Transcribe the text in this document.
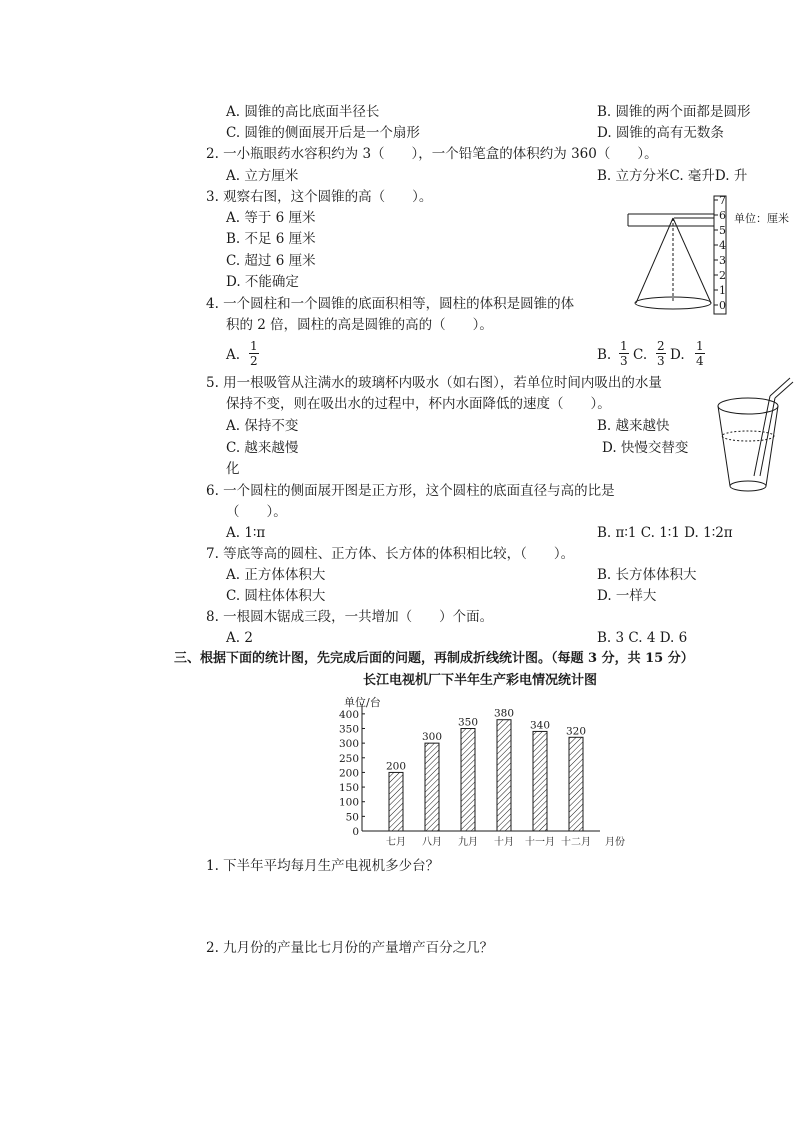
A. 圆锥的高比底面半径长	B. 圆锥的两个面都是圆形
C. 圆锥的侧面展开后是一个扇形	D. 圆锥的高有无数条
2. 一小瓶眼药水容积约为 3（　　），一个铅笔盒的体积约为 360（　　）。
A. 立方厘米	B. 立方分米C. 毫升D. 升
3. 观察右图，这个圆锥的高（　　）。
A. 等于 6 厘米
B. 不足 6 厘米
C. 超过 6 厘米
D. 不能确定
0
1
2
3
4
5
6
7
单位：厘米
4. 一个圆柱和一个圆锥的底面积相等，圆柱的体积是圆锥的体
积的 2 倍，圆柱的高是圆锥的高的（　　）。
A. $\frac{1}{2}$	B. $\frac{1}{3} C$. $\frac{2}{3} D$. $\frac{1}{4}$
5. 用一根吸管从注满水的玻璃杯内吸水（如右图），若单位时间内吸出的水量
保持不变，则在吸出水的过程中，杯内水面降低的速度（　　）。
A. 保持不变	B. 越来越快
C. 越来越慢	D. 快慢交替变
化
6. 一个圆柱的侧面展开图是正方形，这个圆柱的底面直径与高的比是
（　　）。
A. 1∶π	B. π∶1 C. 1∶1 D. 1∶2π
7. 等底等高的圆柱、正方体、长方体的体积相比较，（　　）。
A. 正方体体积大	B. 长方体体积大
C. 圆柱体体积大	D. 一样大
8. 一根圆木锯成三段，一共增加（　　）个面。
A. 2	B. 3 C. 4 D. 6
三、根据下面的统计图，先完成后面的问题，再制成折线统计图。（每题 3 分，共 15 分）
长江电视机厂下半年生产彩电情况统计图
单位/台
月份
0
50
100
150
200
250
300
350
400
200
七月
300
八月
350
九月
380
十月
340
十一月
320
十二月
1. 下半年平均每月生产电视机多少台？
2. 九月份的产量比七月份的产量增产百分之几？
